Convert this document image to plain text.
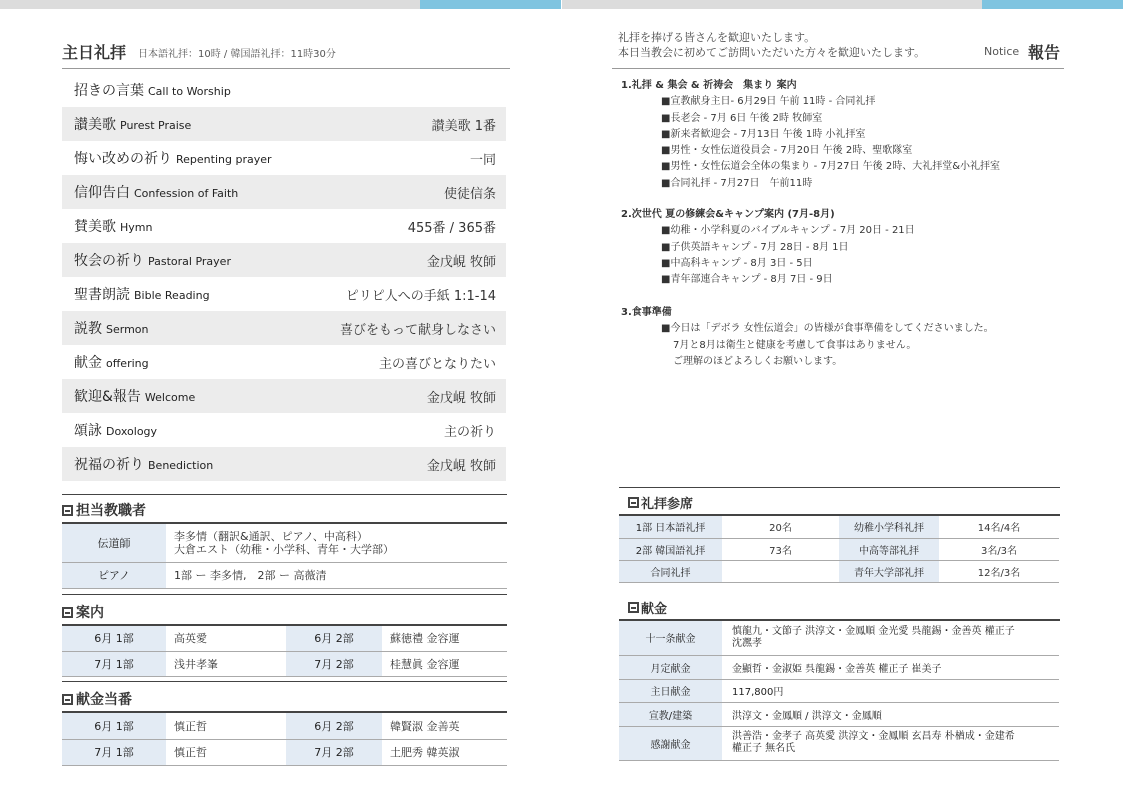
主日礼拝 日本語礼拝：10時 / 韓国語礼拝：11時30分
招きの言葉 Call to Worship
讃美歌 Purest Praise	讃美歌 1番
悔い改めの祈り Repenting prayer	一同
信仰告白 Confession of Faith	使徒信条
賛美歌 Hymn	455番 / 365番
牧会の祈り Pastoral Prayer	金戊峴 牧師
聖書朗読 Bible Reading	ピリピ人への手紙 1:1-14
説教 Sermon	喜びをもって献身しなさい
献金 offering	主の喜びとなりたい
歓迎&報告 Welcome	金戊峴 牧師
頌詠 Doxology	主の祈り
祝福の祈り Benediction	金戊峴 牧師
担当教職者
伝道師	李多情（翻訳&通訳、ピアノ、中高科）
大倉エスト（幼稚・小学科、青年・大学部）

ピアノ	1部 ー 李多情,　2部 ー 高薇清
案内
6月 1部	高英愛	6月 2部	蘇徳禮 金容運
7月 1部	浅井孝峯	7月 2部	桂慧眞 金容運
献金当番
6月 1部	慎正哲	6月 2部	韓賢淑 金善英
7月 1部	慎正哲	7月 2部	土肥秀 韓英淑
礼拝を捧げる皆さんを歓迎いたします。
本日当教会に初めてご訪問いただいた方々を歓迎いたします。	Notice 報告
1.礼拝 & 集会 & 祈祷会　集まり 案内
■宣教献身主日- 6月29日 午前 11時 - 合同礼拝
■長老会 - 7月 6日 午後 2時 牧師室
■新来者歓迎会 - 7月13日 午後 1時 小礼拝室
■男性・女性伝道役員会 - 7月20日 午後 2時、聖歌隊室
■男性・女性伝道会全体の集まり - 7月27日 午後 2時、大礼拝堂&小礼拝室
■合同礼拝 - 7月27日　午前11時
2.次世代 夏の修練会&キャンプ案内 (7月-8月)
■幼稚・小学科夏のバイブルキャンプ - 7月 20日 - 21日
■子供英語キャンプ - 7月 28日 - 8月 1日
■中高科キャンプ - 8月 3日 - 5日
■青年部連合キャンプ - 8月 7日 - 9日
3.食事準備
■今日は「デボラ 女性伝道会」の皆様が食事準備をしてくださいました。
7月と8月は衛生と健康を考慮して食事はありません。
ご理解のほどよろしくお願いします。
礼拝参席
1部 日本語礼拝	20名	幼稚小学科礼拝	14名/4名
2部 韓国語礼拝	73名	中高等部礼拝	3名/3名
合同礼拝		青年大学部礼拝	12名/3名
献金
十一条献金	慎龍九・文節子 洪淳文・金鳳順 金光愛 呉龍錫・金善英 權正子
沈凞孝

月定献金	金顯哲・金淑姫 呉龍錫・金善英 權正子 崔美子
主日献金	117,800円
宣教/建築	洪淳文・金鳳順 / 洪淳文・金鳳順
感謝献金	洪善浩・金孝子 高英愛 洪淳文・金鳳順 玄昌寿 朴楢成・金建希
權正子 無名氏
